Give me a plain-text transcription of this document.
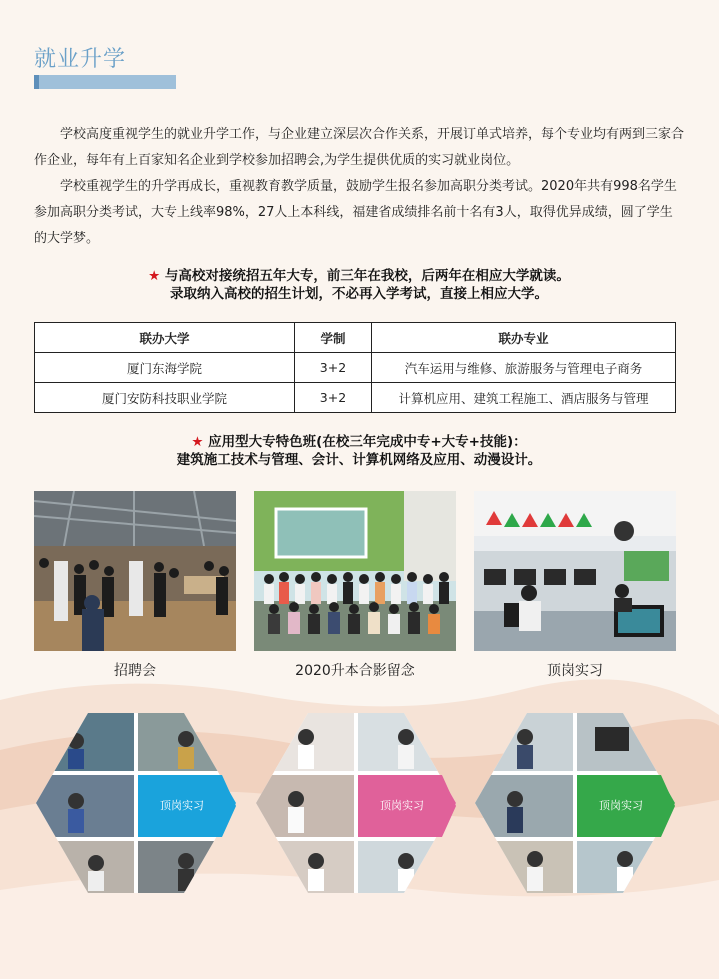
就业升学
学校高度重视学生的就业升学工作，与企业建立深层次合作关系，开展订单式培养，每个专业均有两到三家合作企业，每年有上百家知名企业到学校参加招聘会,为学生提供优质的实习就业岗位。
学校重视学生的升学再成长，重视教育教学质量，鼓励学生报名参加高职分类考试。2020年共有998名学生参加高职分类考试，大专上线率98%，27人上本科线，福建省成绩排名前十名有3人，取得优异成绩，圆了学生的大学梦。
★ 与高校对接统招五年大专，前三年在我校，后两年在相应大学就读。
录取纳入高校的招生计划，不必再入学考试，直接上相应大学。
联办大学	学制	联办专业
厦门东海学院	3+2	汽车运用与维修、旅游服务与管理电子商务
厦门安防科技职业学院	3+2	计算机应用、建筑工程施工、酒店服务与管理
★ 应用型大专特色班(在校三年完成中专+大专+技能)：
建筑施工技术与管理、会计、计算机网络及应用、动漫设计。
招聘会	2020升本合影留念	顶岗实习
顶岗实习	顶岗实习	顶岗实习
